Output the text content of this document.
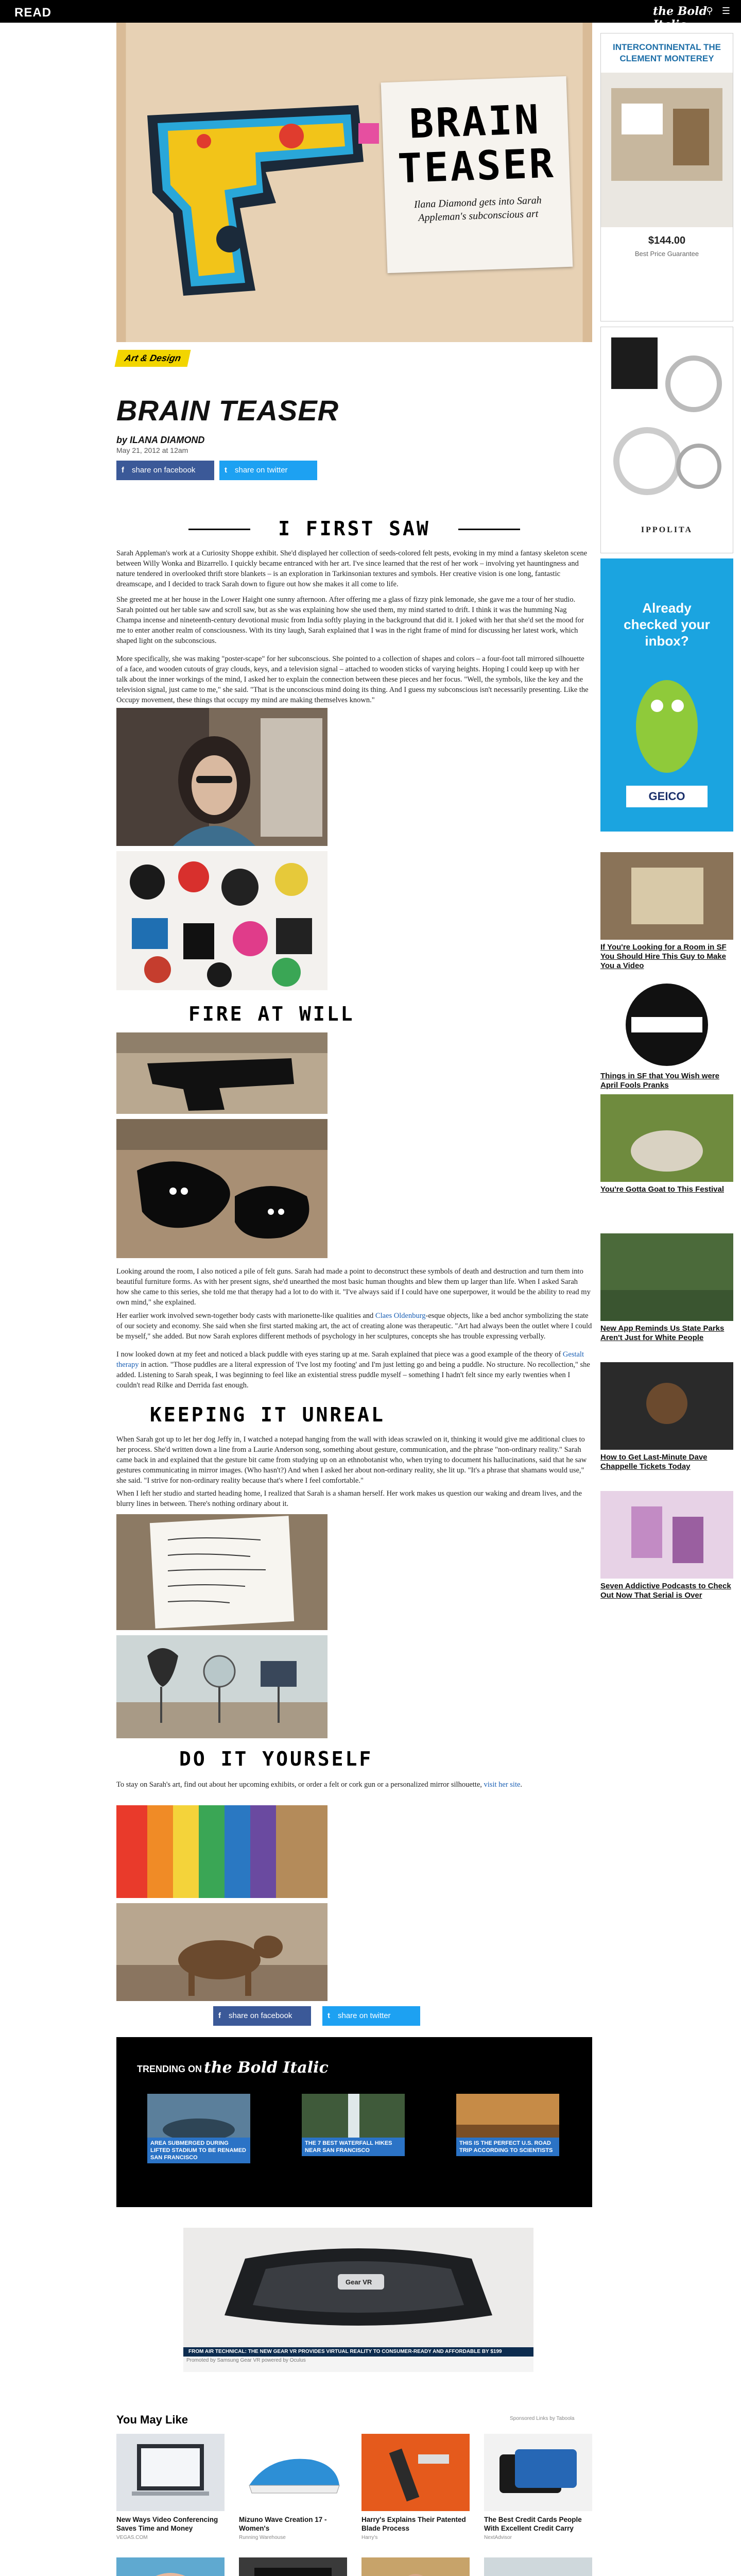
READ	the Bold Italic
⚲ ☰
BRAIN
TEASER
Ilana Diamond gets into Sarah Appleman's subconscious art
Art & Design
BRAIN TEASER
by ILANA DIAMOND
May 21, 2012 at 12am
f share on facebook	t share on twitter
I FIRST SAW
Sarah Appleman's work at a Curiosity Shoppe exhibit. She'd displayed her collection of seeds-colored felt pests, evoking in my mind a fantasy skeleton scene between Willy Wonka and Bizarrello. I quickly became entranced with her art. I've since learned that the rest of her work – involving yet hauntingness and nature tendered in overlooked thrift store blankets – is an exploration in Tarkinsonian textures and symbols. Her creative vision is one long, fantastic dreamscape, and I decided to track Sarah down to figure out how she makes it all come to life.
She greeted me at her house in the Lower Haight one sunny afternoon. After offering me a glass of fizzy pink lemonade, she gave me a tour of her studio. Sarah pointed out her table saw and scroll saw, but as she was explaining how she used them, my mind started to drift. I think it was the humming Nag Champa incense and nineteenth-century devotional music from India softly playing in the background that did it. I joked with her that she'd set the mood for me to enter another realm of consciousness. With its tiny laugh, Sarah explained that I was in the right frame of mind for discussing her latest work, which shaped light on the subconscious.
More specifically, she was making "poster-scape" for her subconscious. She pointed to a collection of shapes and colors – a four-foot tall mirrored silhouette of a face, and wooden cutouts of gray clouds, keys, and a television signal – attached to wooden sticks of varying heights. Hoping I could keep up with her talk about the inner workings of the mind, I asked her to explain the connection between these pieces and her focus. "Well, the symbols, like the key and the television signal, just came to me," she said. "That is the unconscious mind doing its thing. And I guess my subconscious isn't necessarily presenting. Like the Occupy movement, these things that occupy my mind are making themselves known."
FIRE AT WILL
Looking around the room, I also noticed a pile of felt guns. Sarah had made a point to deconstruct these symbols of death and destruction and turn them into beautiful furniture forms. As with her present signs, she'd unearthed the most basic human thoughts and blew them up larger than life. When I asked Sarah how she came to this series, she told me that therapy had a lot to do with it. "I've always said if I could have one superpower, it would be the ability to read my own mind," she explained.
Her earlier work involved sewn-together body casts with marionette-like qualities and Claes Oldenburg-esque objects, like a bed anchor symbolizing the state of our society and economy. She said when she first started making art, the act of creating alone was therapeutic. "Art had always been the outlet where I could be myself," she added. But now Sarah explores different methods of psychology in her sculptures, concepts she has trouble expressing verbally.
I now looked down at my feet and noticed a black puddle with eyes staring up at me. Sarah explained that piece was a good example of the theory of Gestalt therapy in action. "Those puddles are a literal expression of 'I've lost my footing' and I'm just letting go and being a puddle. No structure. No recollection," she added. Listening to Sarah speak, I was beginning to feel like an existential stress puddle myself – something I hadn't felt since my early twenties when I couldn't read Rilke and Derrida fast enough.
KEEPING IT UNREAL
When Sarah got up to let her dog Jeffy in, I watched a notepad hanging from the wall with ideas scrawled on it, thinking it would give me additional clues to her process. She'd written down a line from a Laurie Anderson song, something about gesture, communication, and the phrase "non-ordinary reality." Sarah came back in and explained that the gesture bit came from studying up on an ethnobotanist who, when trying to document his hallucinations, said that he saw gestures communicating in mirror images. (Who hasn't?) And when I asked her about non-ordinary reality, she lit up. "It's a phrase that shamans would use," she said. "I strive for non-ordinary reality because that's where I feel comfortable."
When I left her studio and started heading home, I realized that Sarah is a shaman herself. Her work makes us question our waking and dream lives, and the blurry lines in between. There's nothing ordinary about it.
DO IT YOURSELF
To stay on Sarah's art, find out about her upcoming exhibits, or order a felt or cork gun or a personalized mirror silhouette, visit her site.
f share on facebook	t share on twitter
TRENDING ON the Bold Italic
AREA SUBMERGED DURING LIFTED STADIUM TO BE RENAMED SAN FRANCISCO
THE 7 BEST WATERFALL HIKES NEAR SAN FRANCISCO
THIS IS THE PERFECT U.S. ROAD TRIP ACCORDING TO SCIENTISTS
Gear VR
FROM AIR TECHNICAL: THE NEW GEAR VR PROVIDES VIRTUAL REALITY TO CONSUMER-READY AND AFFORDABLE BY $199
Promoted by Samsung Gear VR powered by Oculus
You May Like	Sponsored Links by Taboola
New Ways Video Conferencing Saves Time and Money
VEGAS.COM
Mizuno Wave Creation 17 - Women's
Running Warehouse
Harry's Explains Their Patented Blade Process
Harry's
The Best Credit Cards People With Excellent Credit Carry
NextAdvisor
INTERCONTINENTAL THE CLEMENT MONTEREY
$144.00
Best Price Guarantee
IPPOLITA
Already checked your inbox?
GEICO
If You're Looking for a Room in SF You Should Hire This Guy to Make You a Video
Things in SF that You Wish were April Fools Pranks
You're Gotta Goat to This Festival
New App Reminds Us State Parks Aren't Just for White People
How to Get Last-Minute Dave Chappelle Tickets Today
Seven Addictive Podcasts to Check Out Now That Serial is Over
